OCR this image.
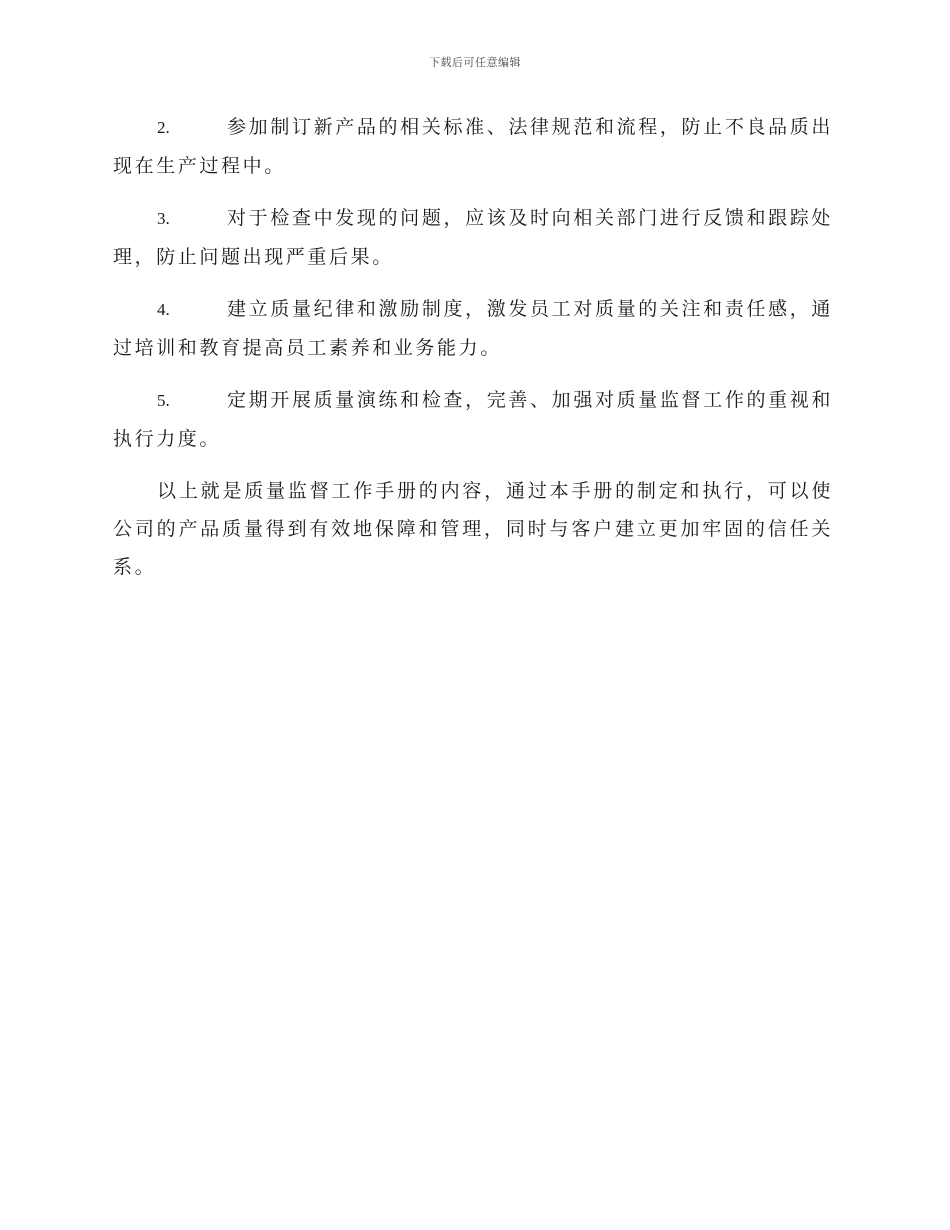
下载后可任意编辑

2.	参加制订新产品的相关标准、法律规范和流程，防止不良品质出现在生产过程中。

3.	对于检查中发现的问题，应该及时向相关部门进行反馈和跟踪处理，防止问题出现严重后果。

4.	建立质量纪律和激励制度，激发员工对质量的关注和责任感，通过培训和教育提高员工素养和业务能力。

5.	定期开展质量演练和检查，完善、加强对质量监督工作的重视和执行力度。

以上就是质量监督工作手册的内容，通过本手册的制定和执行，可以使公司的产品质量得到有效地保障和管理，同时与客户建立更加牢固的信任关系。
